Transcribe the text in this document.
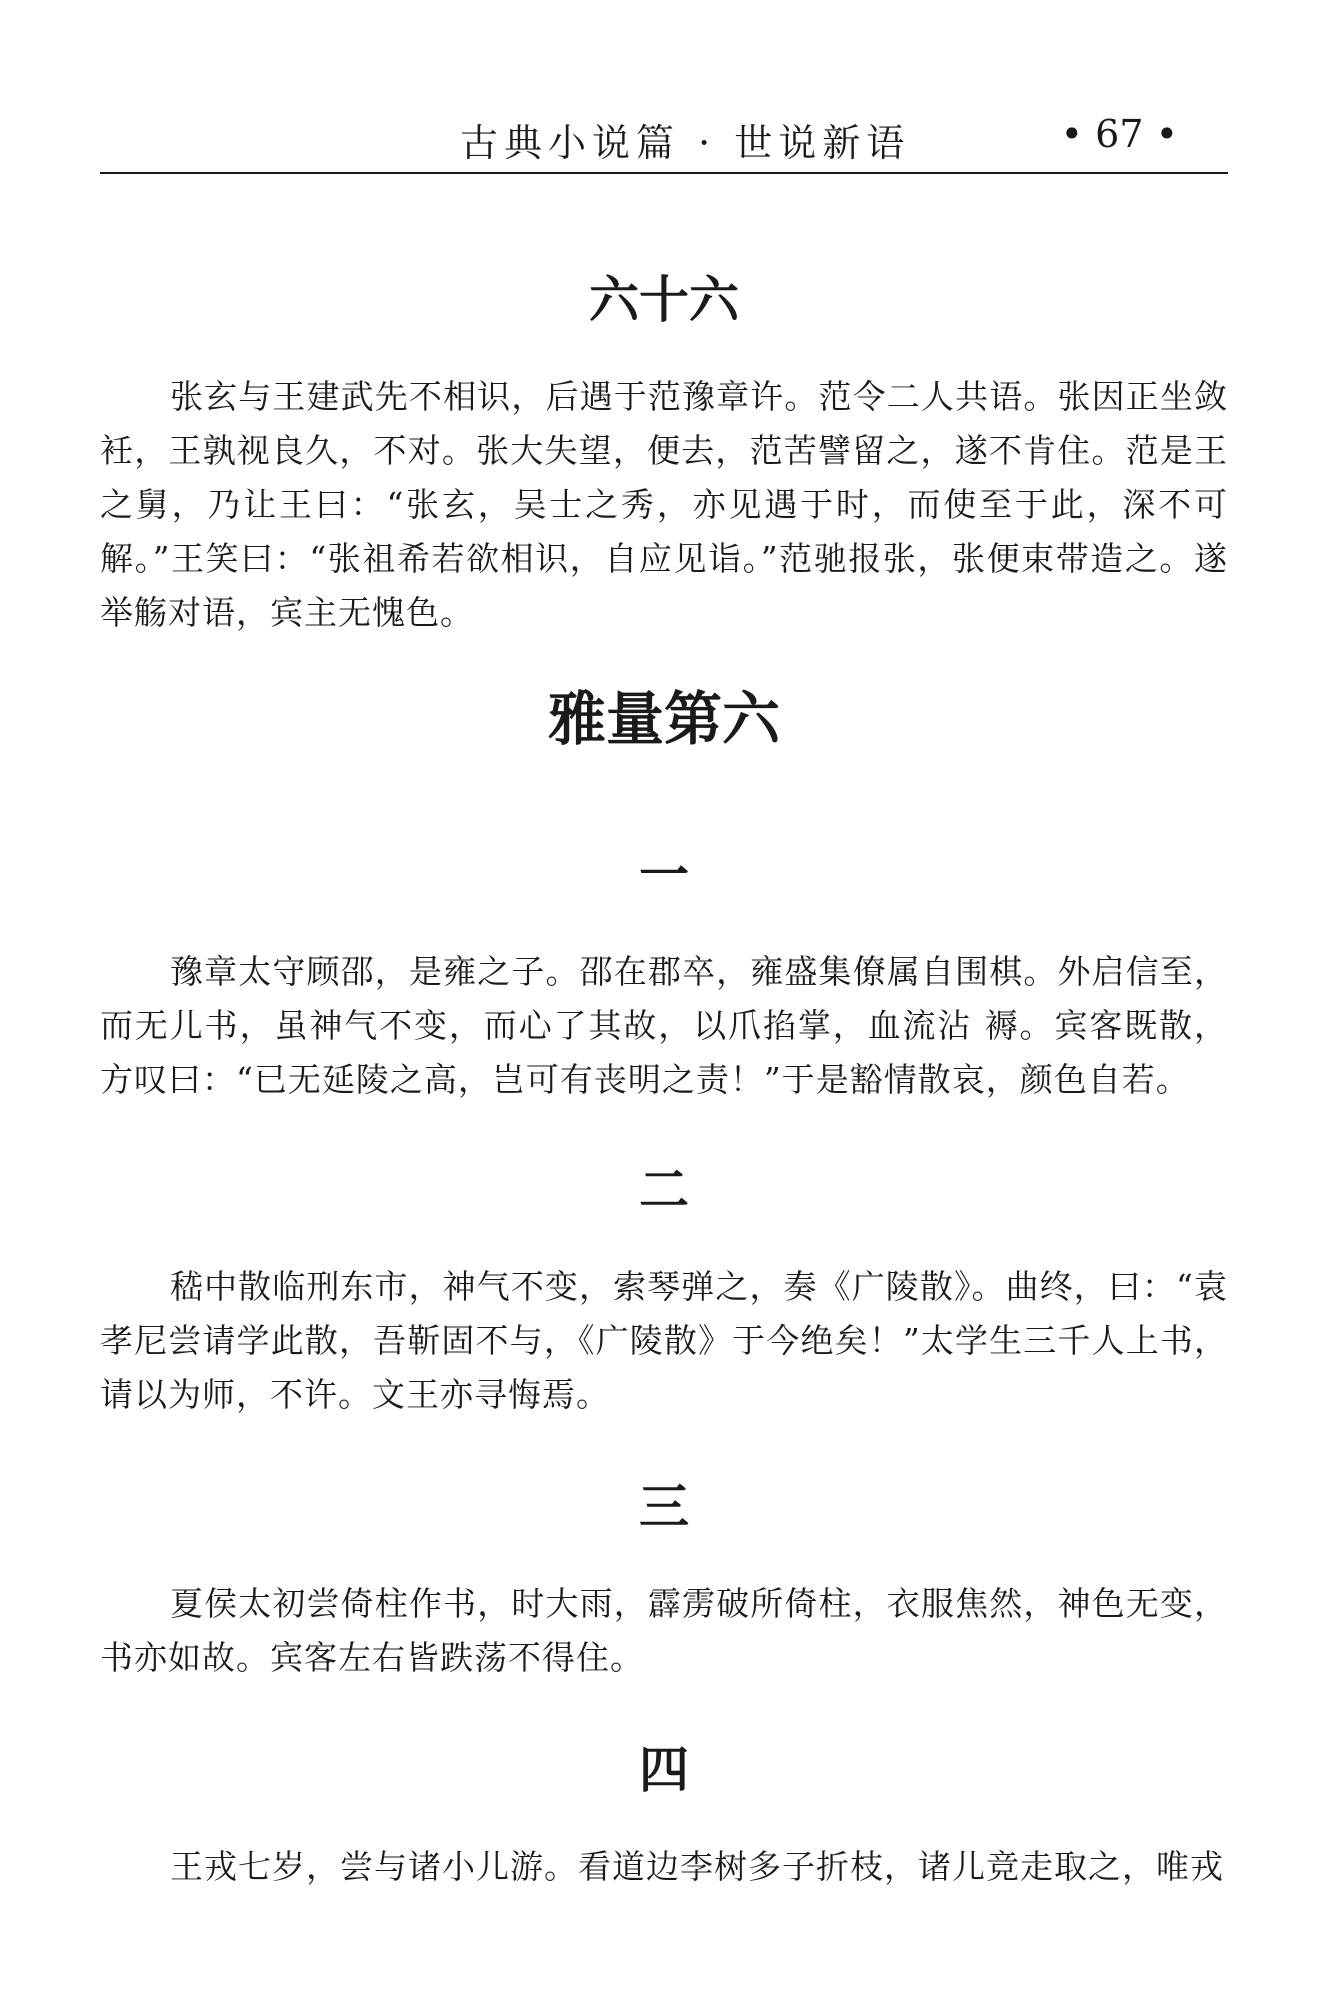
古典小说篇 · 世说新语	• 67 •
六十六

张玄与王建武先不相识，后遇于范豫章许。范令二人共语。张因正坐敛衽，王孰视良久，不对。张大失望，便去，范苦譬留之，遂不肯住。范是王之舅，乃让王曰：“张玄，吴士之秀，亦见遇于时，而使至于此，深不可解。”王笑曰：“张祖希若欲相识，自应见诣。”范驰报张，张便束带造之。遂举觞对语，宾主无愧色。

雅量第六
一

豫章太守顾邵，是雍之子。邵在郡卒，雍盛集僚属自围棋。外启信至，而无儿书，虽神气不变，而心了其故，以爪掐掌，血流沾 褥。宾客既散，方叹曰：“已无延陵之高，岂可有丧明之责！”于是豁情散哀，颜色自若。

二

嵇中散临刑东市，神气不变，索琴弹之，奏《广陵散》。曲终，曰：“袁孝尼尝请学此散，吾靳固不与，《广陵散》于今绝矣！”太学生三千人上书，请以为师，不许。文王亦寻悔焉。

三

夏侯太初尝倚柱作书，时大雨，霹雳破所倚柱，衣服焦然，神色无变，书亦如故。宾客左右皆跌荡不得住。

四

王戎七岁，尝与诸小儿游。看道边李树多子折枝，诸儿竞走取之，唯戎
